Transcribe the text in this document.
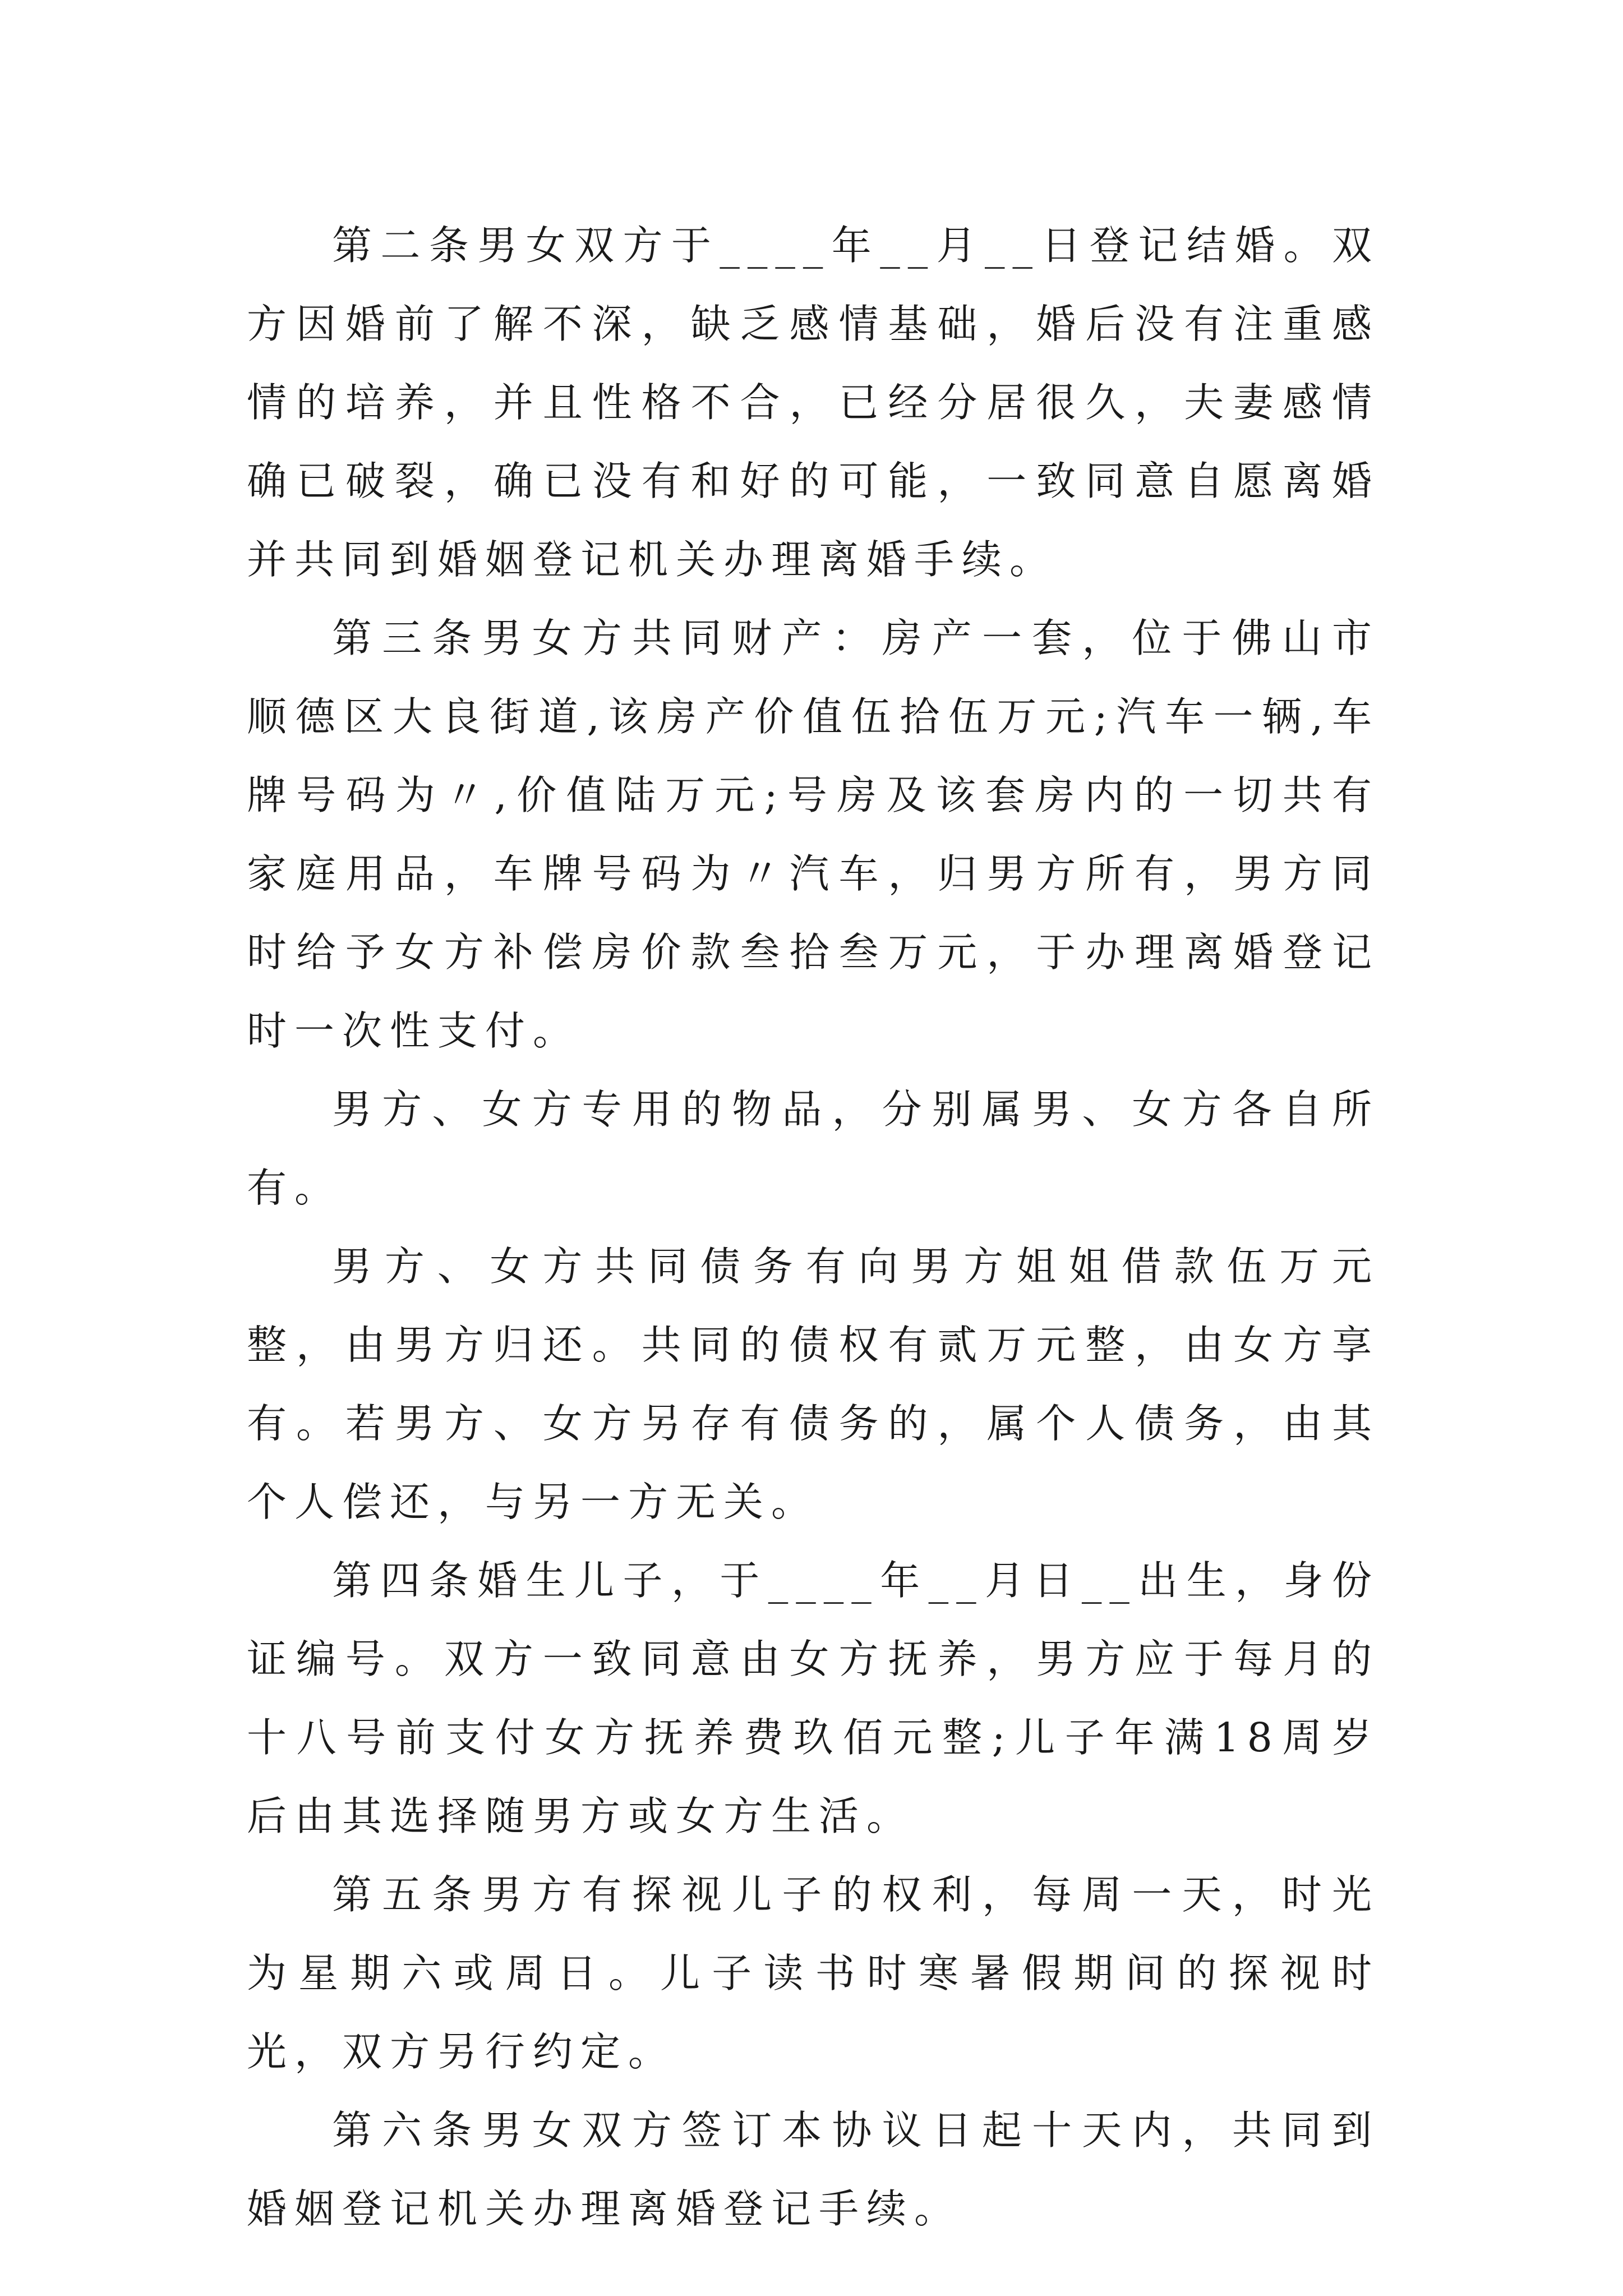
第二条男女双方于____年__月__日登记结婚。双方因婚前了解不深，缺乏感情基础，婚后没有注重感情的培养，并且性格不合，已经分居很久，夫妻感情确已破裂，确已没有和好的可能，一致同意自愿离婚并共同到婚姻登记机关办理离婚手续。

第三条男女方共同财产：房产一套，位于佛山市顺德区大良街道,该房产价值伍拾伍万元;汽车一辆,车牌号码为〃,价值陆万元;号房及该套房内的一切共有家庭用品，车牌号码为〃汽车，归男方所有，男方同时给予女方补偿房价款叁拾叁万元，于办理离婚登记时一次性支付。

男方、女方专用的物品，分别属男、女方各自所有。

男方、女方共同债务有向男方姐姐借款伍万元整，由男方归还。共同的债权有贰万元整，由女方享有。若男方、女方另存有债务的，属个人债务，由其个人偿还，与另一方无关。

第四条婚生儿子，于____年__月日__出生，身份证编号。双方一致同意由女方抚养，男方应于每月的十八号前支付女方抚养费玖佰元整;儿子年满18周岁后由其选择随男方或女方生活。

第五条男方有探视儿子的权利，每周一天，时光为星期六或周日。儿子读书时寒暑假期间的探视时光，双方另行约定。

第六条男女双方签订本协议日起十天内，共同到婚姻登记机关办理离婚登记手续。
